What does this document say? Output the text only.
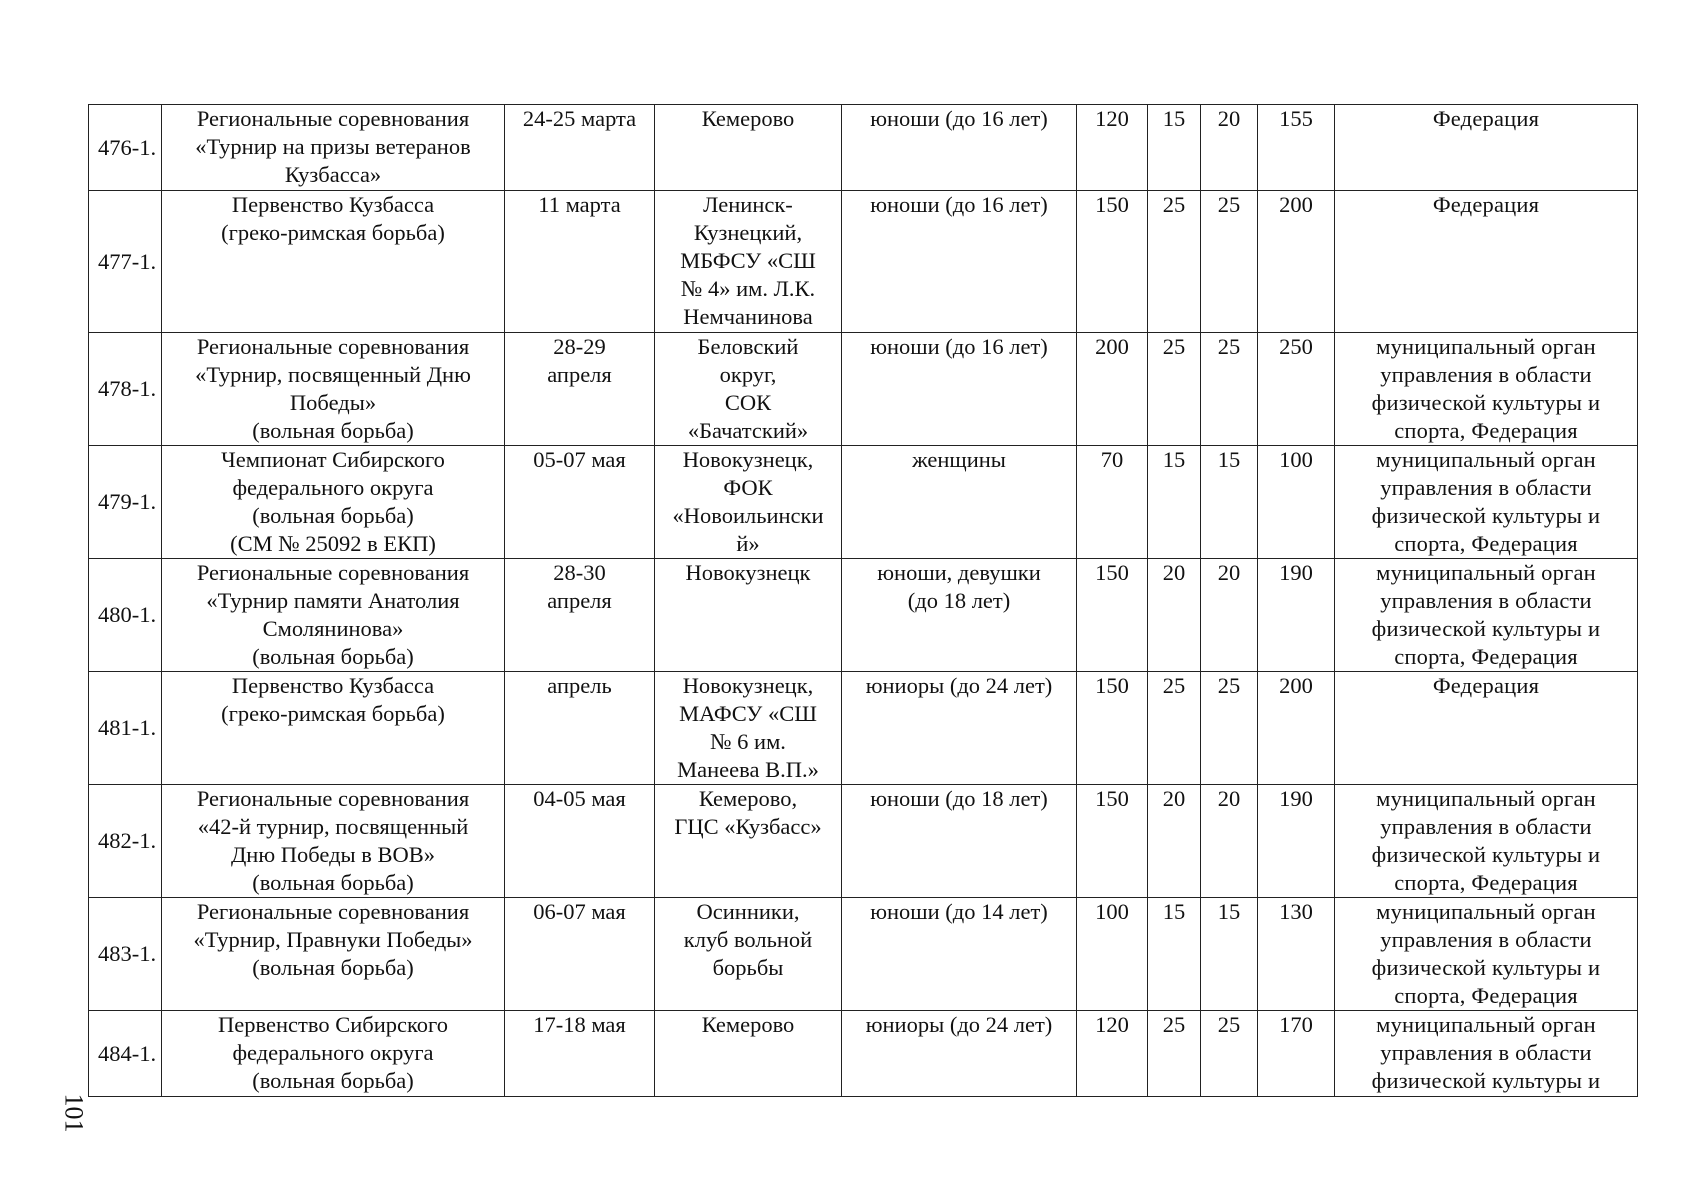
476-1.	Региональные соревнования
«Турнир на призы ветеранов
Кузбасса»	24-25 марта	Кемерово	юноши (до 16 лет)	120	15	20	155	Федерация
477-1.	Первенство Кузбасса
(греко-римская борьба)	11 марта	Ленинск-
Кузнецкий,
МБФСУ «СШ
№ 4» им. Л.К.
Немчанинова	юноши (до 16 лет)	150	25	25	200	Федерация
478-1.	Региональные соревнования
«Турнир, посвященный Дню
Победы»
(вольная борьба)	28-29
апреля	Беловский
округ,
СОК
«Бачатский»	юноши (до 16 лет)	200	25	25	250	муниципальный орган
управления в области
физической культуры и
спорта, Федерация
479-1.	Чемпионат Сибирского
федерального округа
(вольная борьба)
(СМ № 25092 в ЕКП)	05-07 мая	Новокузнецк,
ФОК
«Новоильински
й»	женщины	70	15	15	100	муниципальный орган
управления в области
физической культуры и
спорта, Федерация
480-1.	Региональные соревнования
«Турнир памяти Анатолия
Смолянинова»
(вольная борьба)	28-30
апреля	Новокузнецк	юноши, девушки
(до 18 лет)	150	20	20	190	муниципальный орган
управления в области
физической культуры и
спорта, Федерация
481-1.	Первенство Кузбасса
(греко-римская борьба)	апрель	Новокузнецк,
МАФСУ «СШ
№ 6 им.
Манеева В.П.»	юниоры (до 24 лет)	150	25	25	200	Федерация
482-1.	Региональные соревнования
«42-й турнир, посвященный
Дню Победы в ВОВ»
(вольная борьба)	04-05 мая	Кемерово,
ГЦС «Кузбасс»	юноши (до 18 лет)	150	20	20	190	муниципальный орган
управления в области
физической культуры и
спорта, Федерация
483-1.	Региональные соревнования
«Турнир, Правнуки Победы»
(вольная борьба)	06-07 мая	Осинники,
клуб вольной
борьбы	юноши (до 14 лет)	100	15	15	130	муниципальный орган
управления в области
физической культуры и
спорта, Федерация
484-1.	Первенство Сибирского
федерального округа
(вольная борьба)	17-18 мая	Кемерово	юниоры (до 24 лет)	120	25	25	170	муниципальный орган
управления в области
физической культуры и
101
